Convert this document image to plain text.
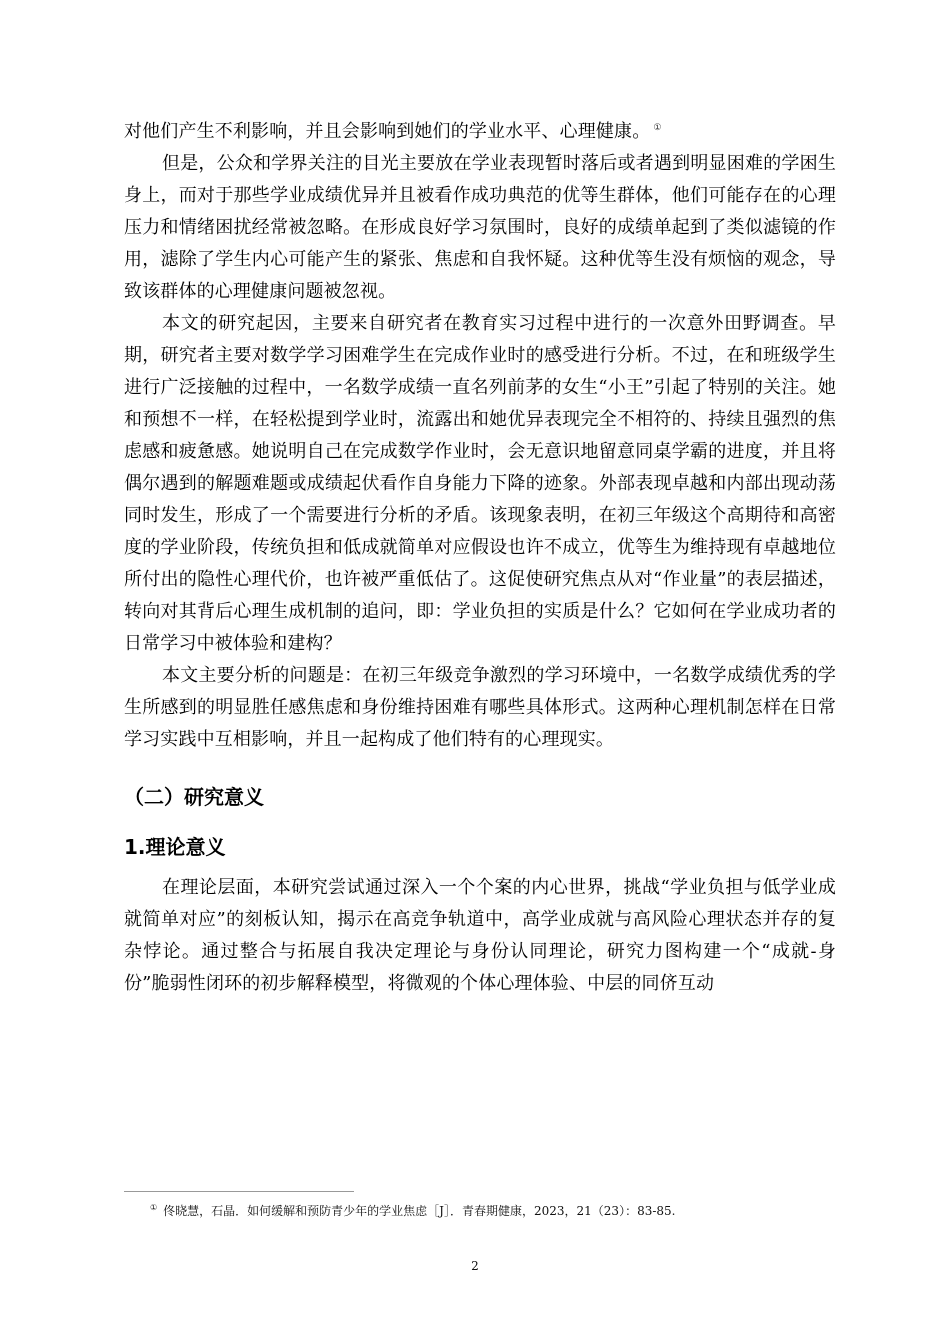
对他们产生不利影响，并且会影响到她们的学业水平、心理健康。 ①

但是，公众和学界关注的目光主要放在学业表现暂时落后或者遇到明显困难的学困生身上，而对于那些学业成绩优异并且被看作成功典范的优等生群体，他们可能存在的心理压力和情绪困扰经常被忽略。在形成良好学习氛围时，良好的成绩单起到了类似滤镜的作用，滤除了学生内心可能产生的紧张、焦虑和自我怀疑。这种优等生没有烦恼的观念，导致该群体的心理健康问题被忽视。

本文的研究起因，主要来自研究者在教育实习过程中进行的一次意外田野调查。早期，研究者主要对数学学习困难学生在完成作业时的感受进行分析。不过，在和班级学生进行广泛接触的过程中，一名数学成绩一直名列前茅的女生“小王”引起了特别的关注。她和预想不一样，在轻松提到学业时，流露出和她优异表现完全不相符的、持续且强烈的焦虑感和疲惫感。她说明自己在完成数学作业时，会无意识地留意同桌学霸的进度，并且将偶尔遇到的解题难题或成绩起伏看作自身能力下降的迹象。外部表现卓越和内部出现动荡同时发生，形成了一个需要进行分析的矛盾。该现象表明，在初三年级这个高期待和高密度的学业阶段，传统负担和低成就简单对应假设也许不成立，优等生为维持现有卓越地位所付出的隐性心理代价，也许被严重低估了。这促使研究焦点从对“作业量”的表层描述，转向对其背后心理生成机制的追问，即：学业负担的实质是什么？它如何在学业成功者的日常学习中被体验和建构？

本文主要分析的问题是：在初三年级竞争激烈的学习环境中，一名数学成绩优秀的学生所感到的明显胜任感焦虑和身份维持困难有哪些具体形式。这两种心理机制怎样在日常学习实践中互相影响，并且一起构成了他们特有的心理现实。

（二）研究意义
1.理论意义

在理论层面，本研究尝试通过深入一个个案的内心世界，挑战“学业负担与低学业成就简单对应”的刻板认知，揭示在高竞争轨道中，高学业成就与高风险心理状态并存的复杂悖论。通过整合与拓展自我决定理论与身份认同理论，研究力图构建一个“成就-身份”脆弱性闭环的初步解释模型，将微观的个体心理体验、中层的同侪互动

① 佟晓慧，石晶．如何缓解和预防青少年的学业焦虑［J］．青春期健康，2023，21（23）：83-85.
2
